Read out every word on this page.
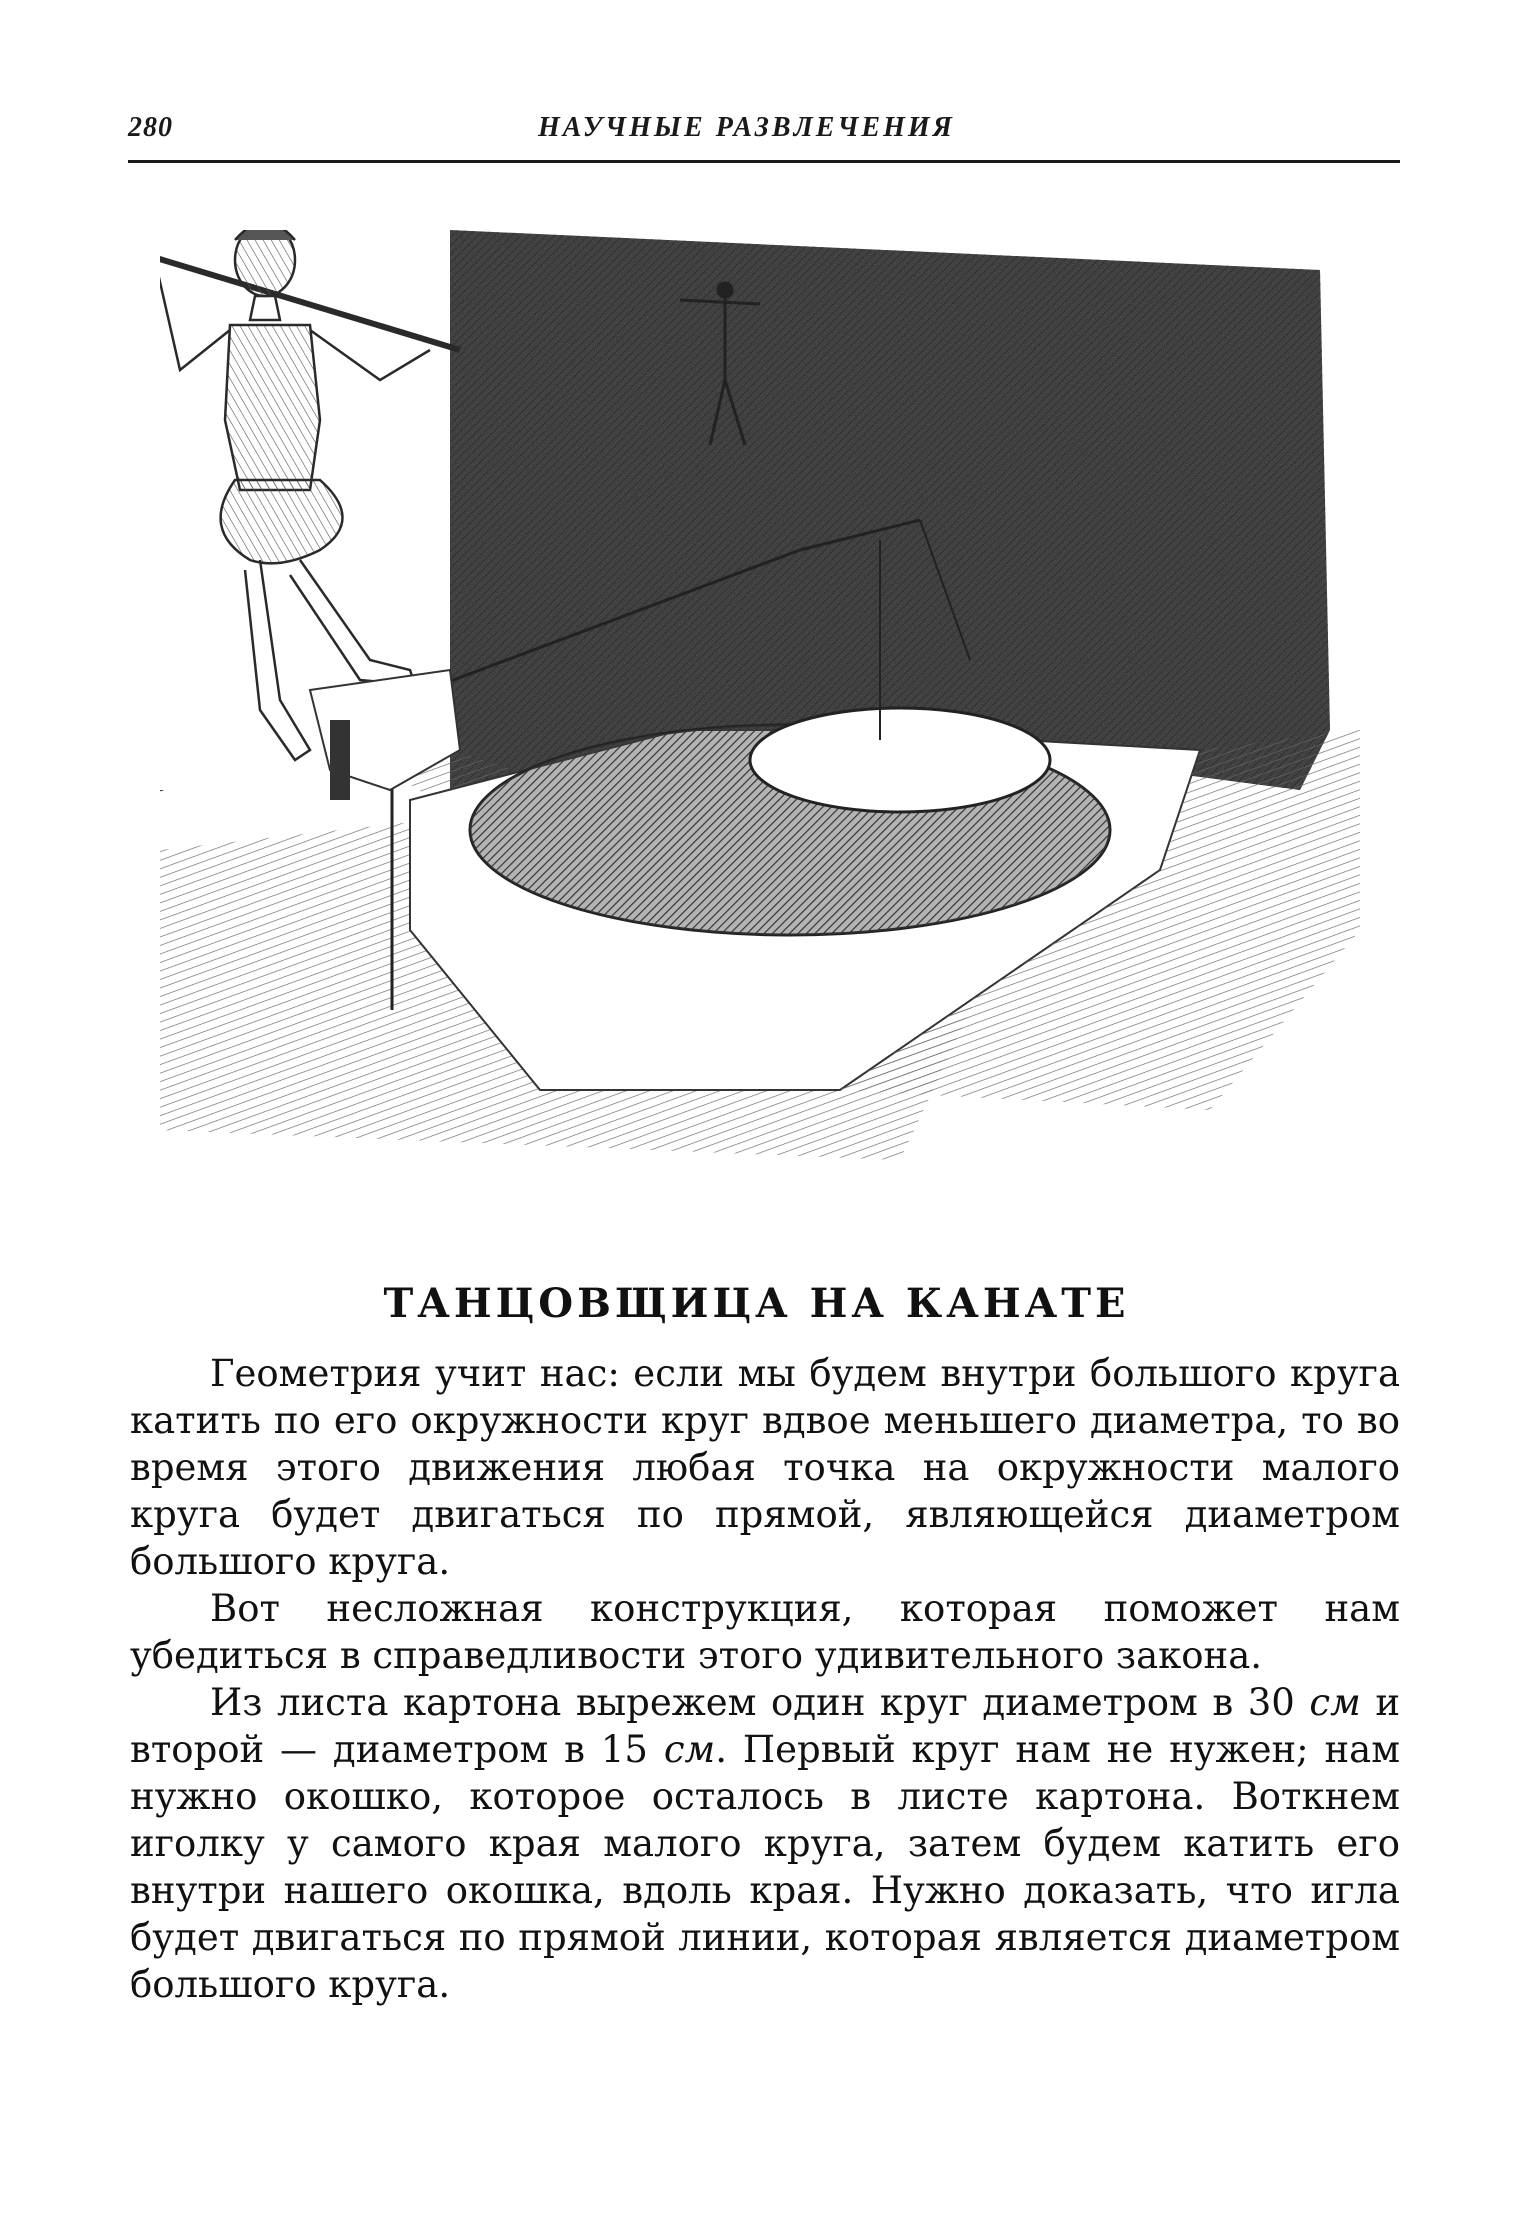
280	НАУЧНЫЕ РАЗВЛЕЧЕНИЯ
ТАНЦОВЩИЦА НА КАНАТЕ

Геометрия учит нас: если мы будем внутри большого круга катить по его окружности круг вдвое меньшего диаметра, то во время этого движения любая точка на окружности малого круга будет двигаться по прямой, являющейся диаметром большого круга.

Вот несложная конструкция, которая поможет нам убедиться в справедливости этого удивительного закона.

Из листа картона вырежем один круг диаметром в 30 см и второй — диаметром в 15 см. Первый круг нам не нужен; нам нужно окошко, которое осталось в листе картона. Воткнем иголку у самого края малого круга, затем будем катить его внутри нашего окошка, вдоль края. Нужно доказать, что игла будет двигаться по прямой линии, которая является диаметром большого круга.
